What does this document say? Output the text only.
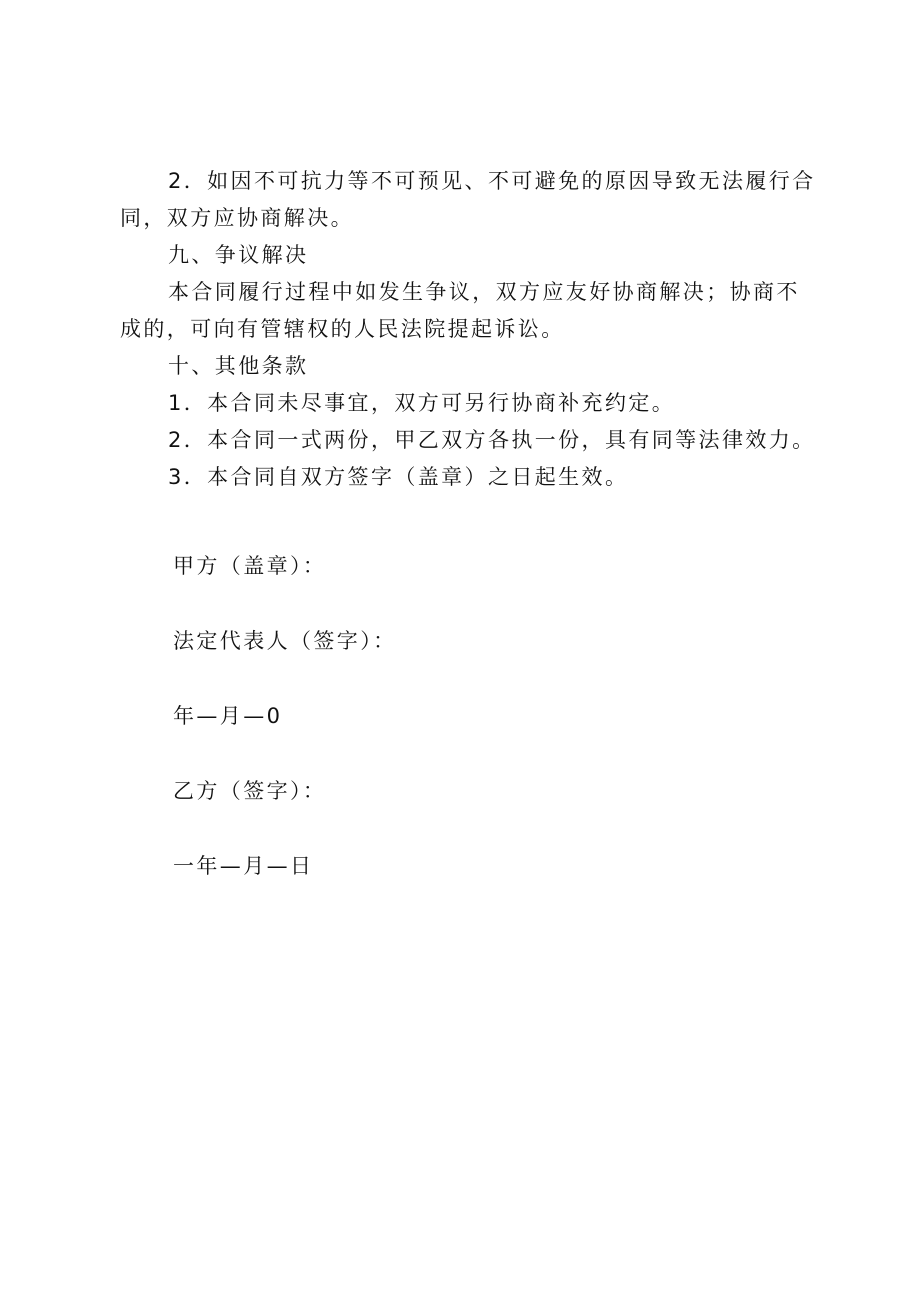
2．如因不可抗力等不可预见、不可避免的原因导致无法履行合同，双方应协商解决。

九、争议解决

本合同履行过程中如发生争议，双方应友好协商解决；协商不成的，可向有管辖权的人民法院提起诉讼。

十、其他条款

1．本合同未尽事宜，双方可另行协商补充约定。

2．本合同一式两份，甲乙双方各执一份，具有同等法律效力。

3．本合同自双方签字（盖章）之日起生效。

甲方（盖章）：
法定代表人（签字）：
年—月—0
乙方（签字）：
一年—月—日
